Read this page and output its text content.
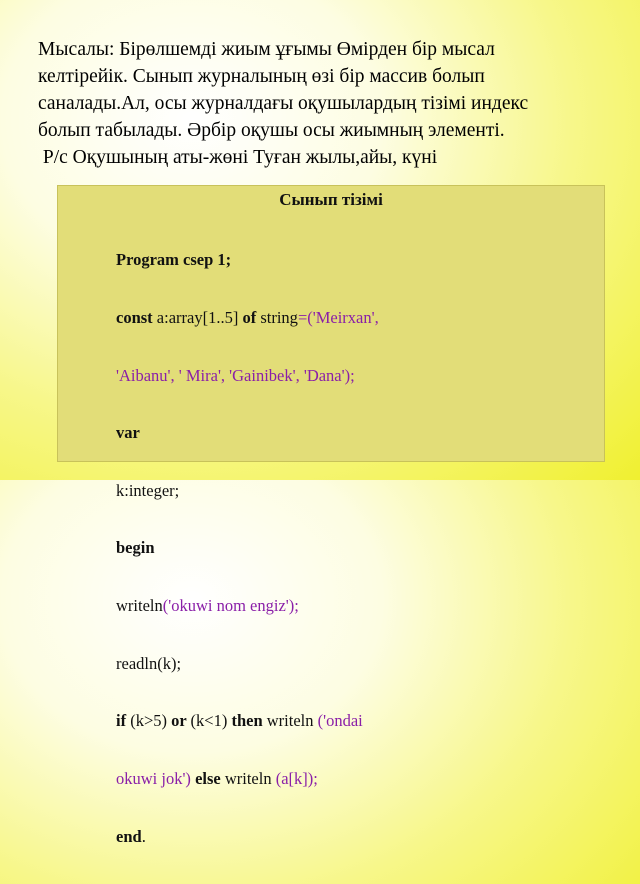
Мысалы: Бірөлшемді жиым ұғымы Өмірден бір мысал

келтірейік. Сынып журналының өзі бір массив болып

саналады.Ал, осы журналдағы оқушылардың тізімі индекс

болып табылады. Әрбір оқушы осы жиымның элементі.

Р/с Оқушының аты-жөні Туған жылы,айы, күні

Сынып тізімі

Program csep 1;

const a:array[1..5] of string=('Meirxan',

'Aibanu', ' Mira', 'Gainibek', 'Dana');

var

k:integer;

begin

writeln('okuwi nom engiz');

readln(k);

if (k>5) or (k<1) then writeln ('ondai

okuwi jok') else writeln (a[k]);

end.
